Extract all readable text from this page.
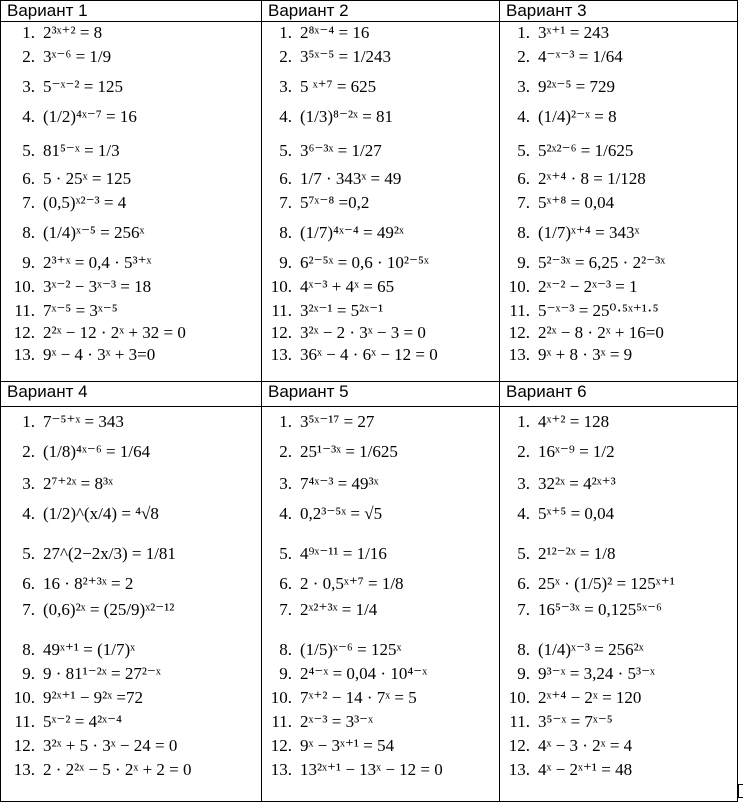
Вариант 1
1. 2³ˣ⁺² = 8
2. 3ˣ⁻⁶ = 1/9
3. 5⁻ˣ⁻² = 125
4. (1/2)⁴ˣ⁻⁷ = 16
5. 81⁵⁻ˣ = 1/3
6. 5 · 25ˣ = 125
7. (0,5)ˣ²⁻³ = 4
8. (1/4)ˣ⁻⁵ = 256ˣ
9. 2³⁺ˣ = 0,4 · 5³⁺ˣ
10. 3ˣ⁻² − 3ˣ⁻³ = 18
11. 7ˣ⁻⁵ = 3ˣ⁻⁵
12. 2²ˣ − 12 · 2ˣ + 32 = 0
13. 9ˣ − 4 · 3ˣ + 3=0
Вариант 2
1. 2⁸ˣ⁻⁴ = 16
2. 3⁵ˣ⁻⁵ = 1/243
3. 5 ˣ⁺⁷ = 625
4. (1/3)⁸⁻²ˣ = 81
5. 3⁶⁻³ˣ = 1/27
6. 1/7 · 343ˣ = 49
7. 5⁷ˣ⁻⁸ =0,2
8. (1/7)⁴ˣ⁻⁴ = 49²ˣ
9. 6²⁻⁵ˣ = 0,6 · 10²⁻⁵ˣ
10. 4ˣ⁻³ + 4ˣ = 65
11. 3²ˣ⁻¹ = 5²ˣ⁻¹
12. 3²ˣ − 2 · 3ˣ − 3 = 0
13. 36ˣ − 4 · 6ˣ − 12 = 0
Вариант 3
1. 3ˣ⁺¹ = 243
2. 4⁻ˣ⁻³ = 1/64
3. 9²ˣ⁻⁵ = 729
4. (1/4)²⁻ˣ = 8
5. 5²ˣ²⁻⁶ = 1/625
6. 2ˣ⁺⁴ · 8 = 1/128
7. 5ˣ⁺⁸ = 0,04
8. (1/7)ˣ⁺⁴ = 343ˣ
9. 5²⁻³ˣ = 6,25 · 2²⁻³ˣ
10. 2ˣ⁻² − 2ˣ⁻³ = 1
11. 5⁻ˣ⁻³ = 25⁰·⁵ˣ⁺¹·⁵
12. 2²ˣ − 8 · 2ˣ + 16=0
13. 9ˣ + 8 · 3ˣ = 9
Вариант 4
1. 7⁻⁵⁺ˣ = 343
2. (1/8)⁴ˣ⁻⁶ = 1/64
3. 2⁷⁺²ˣ = 8³ˣ
4. (1/2)^(x/4) = ⁴√8
5. 27^(2−2x/3) = 1/81
6. 16 · 8²⁺³ˣ = 2
7. (0,6)²ˣ = (25/9)ˣ²⁻¹²
8. 49ˣ⁺¹ = (1/7)ˣ
9. 9 · 81¹⁻²ˣ = 27²⁻ˣ
10. 9²ˣ⁺¹ − 9²ˣ =72
11. 5ˣ⁻² = 4²ˣ⁻⁴
12. 3²ˣ + 5 · 3ˣ − 24 = 0
13. 2 · 2²ˣ − 5 · 2ˣ + 2 = 0
Вариант 5
1. 3⁵ˣ⁻¹⁷ = 27
2. 25¹⁻³ˣ = 1/625
3. 7⁴ˣ⁻³ = 49³ˣ
4. 0,2³⁻⁵ˣ = √5
5. 4⁹ˣ⁻¹¹ = 1/16
6. 2 · 0,5ˣ⁺⁷ = 1/8
7. 2ˣ²⁺³ˣ = 1/4
8. (1/5)ˣ⁻⁶ = 125ˣ
9. 2⁴⁻ˣ = 0,04 · 10⁴⁻ˣ
10. 7ˣ⁺² − 14 · 7ˣ = 5
11. 2ˣ⁻³ = 3³⁻ˣ
12. 9ˣ − 3ˣ⁺¹ = 54
13. 13²ˣ⁺¹ − 13ˣ − 12 = 0
Вариант 6
1. 4ˣ⁺² = 128
2. 16ˣ⁻⁹ = 1/2
3. 32²ˣ = 4²ˣ⁺³
4. 5ˣ⁺⁵ = 0,04
5. 2¹²⁻²ˣ = 1/8
6. 25ˣ · (1/5)² = 125ˣ⁺¹
7. 16⁵⁻³ˣ = 0,125⁵ˣ⁻⁶
8. (1/4)ˣ⁻³ = 256²ˣ
9. 9³⁻ˣ = 3,24 · 5³⁻ˣ
10. 2ˣ⁺⁴ − 2ˣ = 120
11. 3⁵⁻ˣ = 7ˣ⁻⁵
12. 4ˣ − 3 · 2ˣ = 4
13. 4ˣ − 2ˣ⁺¹ = 48
